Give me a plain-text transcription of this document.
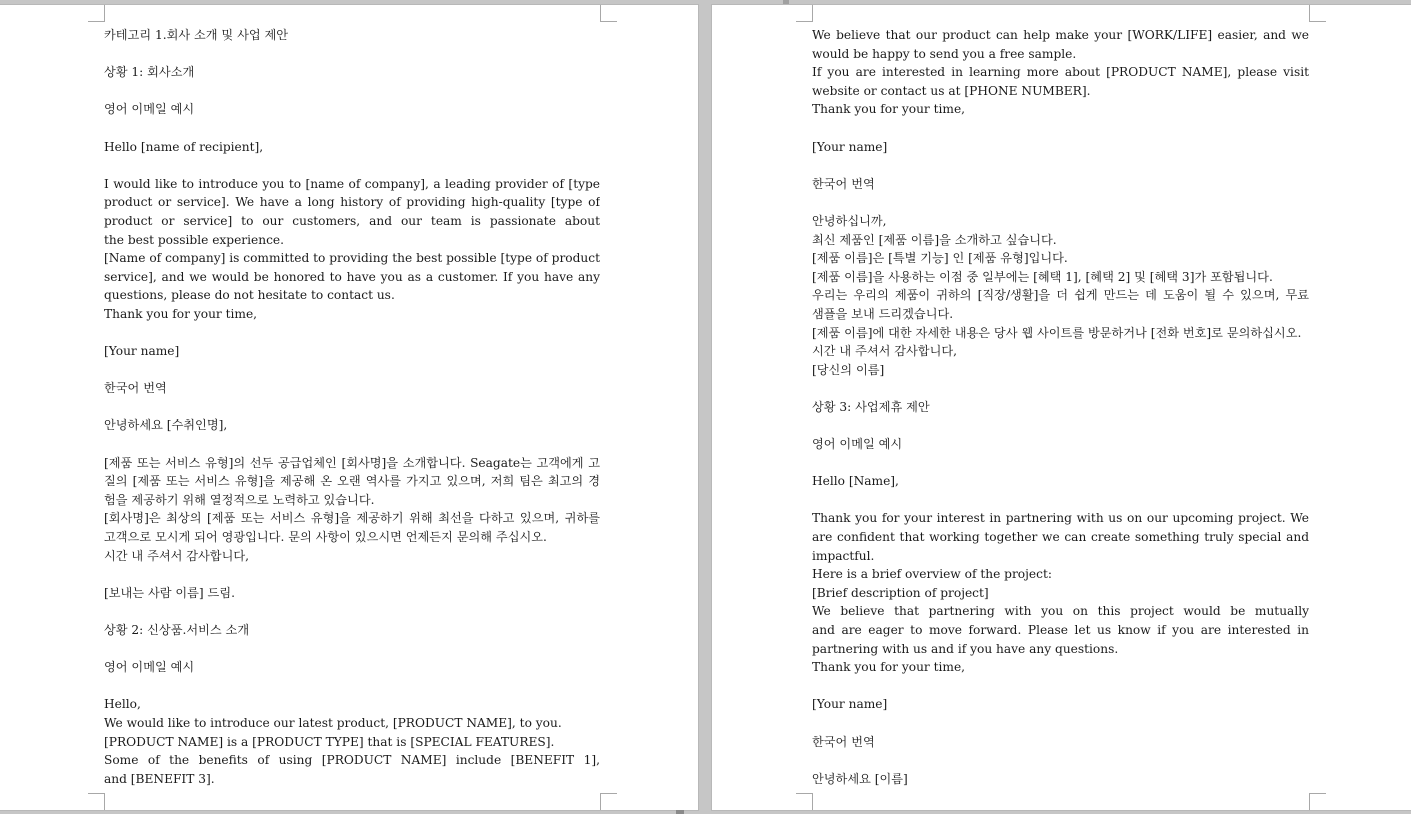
카테고리 1.회사 소개 및 사업 제안
상황 1: 회사소개
영어 이메일 예시
Hello [name of recipient],
I would like to introduce you to [name of company], a leading provider of [type
product or service]. We have a long history of providing high-quality [type of
product or service] to our customers, and our team is passionate about
the best possible experience.
[Name of company] is committed to providing the best possible [type of product
service], and we would be honored to have you as a customer. If you have any
questions, please do not hesitate to contact us.
Thank you for your time,
[Your name]
한국어 번역
안녕하세요 [수취인명],
[제품 또는 서비스 유형]의 선두 공급업체인 [회사명]을 소개합니다. Seagate는 고객에게 고
질의 [제품 또는 서비스 유형]을 제공해 온 오랜 역사를 가지고 있으며, 저희 팀은 최고의 경
험을 제공하기 위해 열정적으로 노력하고 있습니다.
[회사명]은 최상의 [제품 또는 서비스 유형]을 제공하기 위해 최선을 다하고 있으며, 귀하를
고객으로 모시게 되어 영광입니다. 문의 사항이 있으시면 언제든지 문의해 주십시오.
시간 내 주셔서 감사합니다,
[보내는 사람 이름] 드림.
상황 2: 신상품.서비스 소개
영어 이메일 예시
Hello,
We would like to introduce our latest product, [PRODUCT NAME], to you.
[PRODUCT NAME] is a [PRODUCT TYPE] that is [SPECIAL FEATURES].
Some of the benefits of using [PRODUCT NAME] include [BENEFIT 1],
and [BENEFIT 3].
We believe that our product can help make your [WORK/LIFE] easier, and we
would be happy to send you a free sample.
If you are interested in learning more about [PRODUCT NAME], please visit
website or contact us at [PHONE NUMBER].
Thank you for your time,
[Your name]
한국어 번역
안녕하십니까,
최신 제품인 [제품 이름]을 소개하고 싶습니다.
[제품 이름]은 [특별 기능] 인 [제품 유형]입니다.
[제품 이름]을 사용하는 이점 중 일부에는 [혜택 1], [혜택 2] 및 [혜택 3]가 포함됩니다.
우리는 우리의 제품이 귀하의 [직장/생활]을 더 쉽게 만드는 데 도움이 될 수 있으며, 무료
샘플을 보내 드리겠습니다.
[제품 이름]에 대한 자세한 내용은 당사 웹 사이트를 방문하거나 [전화 번호]로 문의하십시오.
시간 내 주셔서 감사합니다,
[당신의 이름]
상황 3: 사업제휴 제안
영어 이메일 예시
Hello [Name],
Thank you for your interest in partnering with us on our upcoming project. We
are confident that working together we can create something truly special and
impactful.
Here is a brief overview of the project:
[Brief description of project]
We believe that partnering with you on this project would be mutually
and are eager to move forward. Please let us know if you are interested in
partnering with us and if you have any questions.
Thank you for your time,
[Your name]
한국어 번역
안녕하세요 [이름]
